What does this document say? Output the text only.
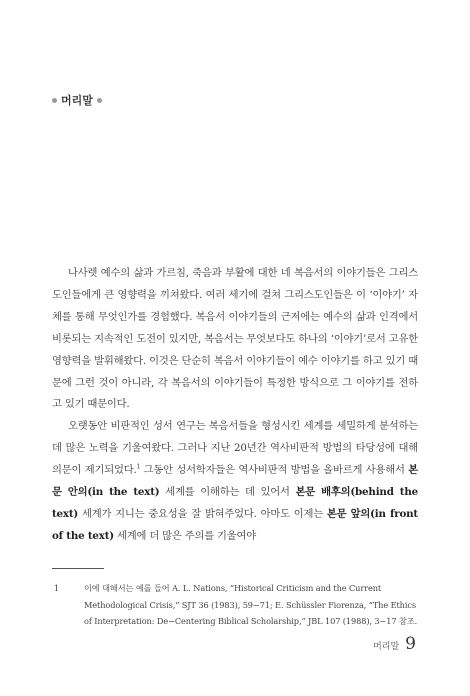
머리말

나사렛 예수의 삶과 가르침, 죽음과 부활에 대한 네 복음서의 이야기들은 그리스도인들에게 큰 영향력을 끼쳐왔다. 여러 세기에 걸쳐 그리스도인들은 이 ‘이야기’ 자체를 통해 무엇인가를 경험했다. 복음서 이야기들의 근저에는 예수의 삶과 인격에서 비롯되는 지속적인 도전이 있지만, 복음서는 무엇보다도 하나의 ‘이야기’로서 고유한 영향력을 발휘해왔다. 이것은 단순히 복음서 이야기들이 예수 이야기를 하고 있기 때문에 그런 것이 아니라, 각 복음서의 이야기들이 특정한 방식으로 그 이야기를 전하고 있기 때문이다.

오랫동안 비판적인 성서 연구는 복음서들을 형성시킨 세계를 세밀하게 분석하는 데 많은 노력을 기울여왔다. 그러나 지난 20년간 역사비판적 방법의 타당성에 대해 의문이 제기되었다.$^1$ 그동안 성서학자들은 역사비판적 방법을 올바르게 사용해서 본문 안의(in the text) 세계를 이해하는 데 있어서 본문 배후의(behind the text) 세계가 지니는 중요성을 잘 밝혀주었다. 아마도 이제는 본문 앞의(in front of the text) 세계에 더 많은 주의를 기울여야

1	이에 대해서는 예를 들어 A. L. Nations, “Historical Criticism and the Current Methodological Crisis,” SJT 36 (1983), 59−71; E. Schüssler Fiorenza, “The Ethics of Interpretation: De−Centering Biblical Scholarship,” JBL 107 (1988), 3−17 참조.
머리말 9
